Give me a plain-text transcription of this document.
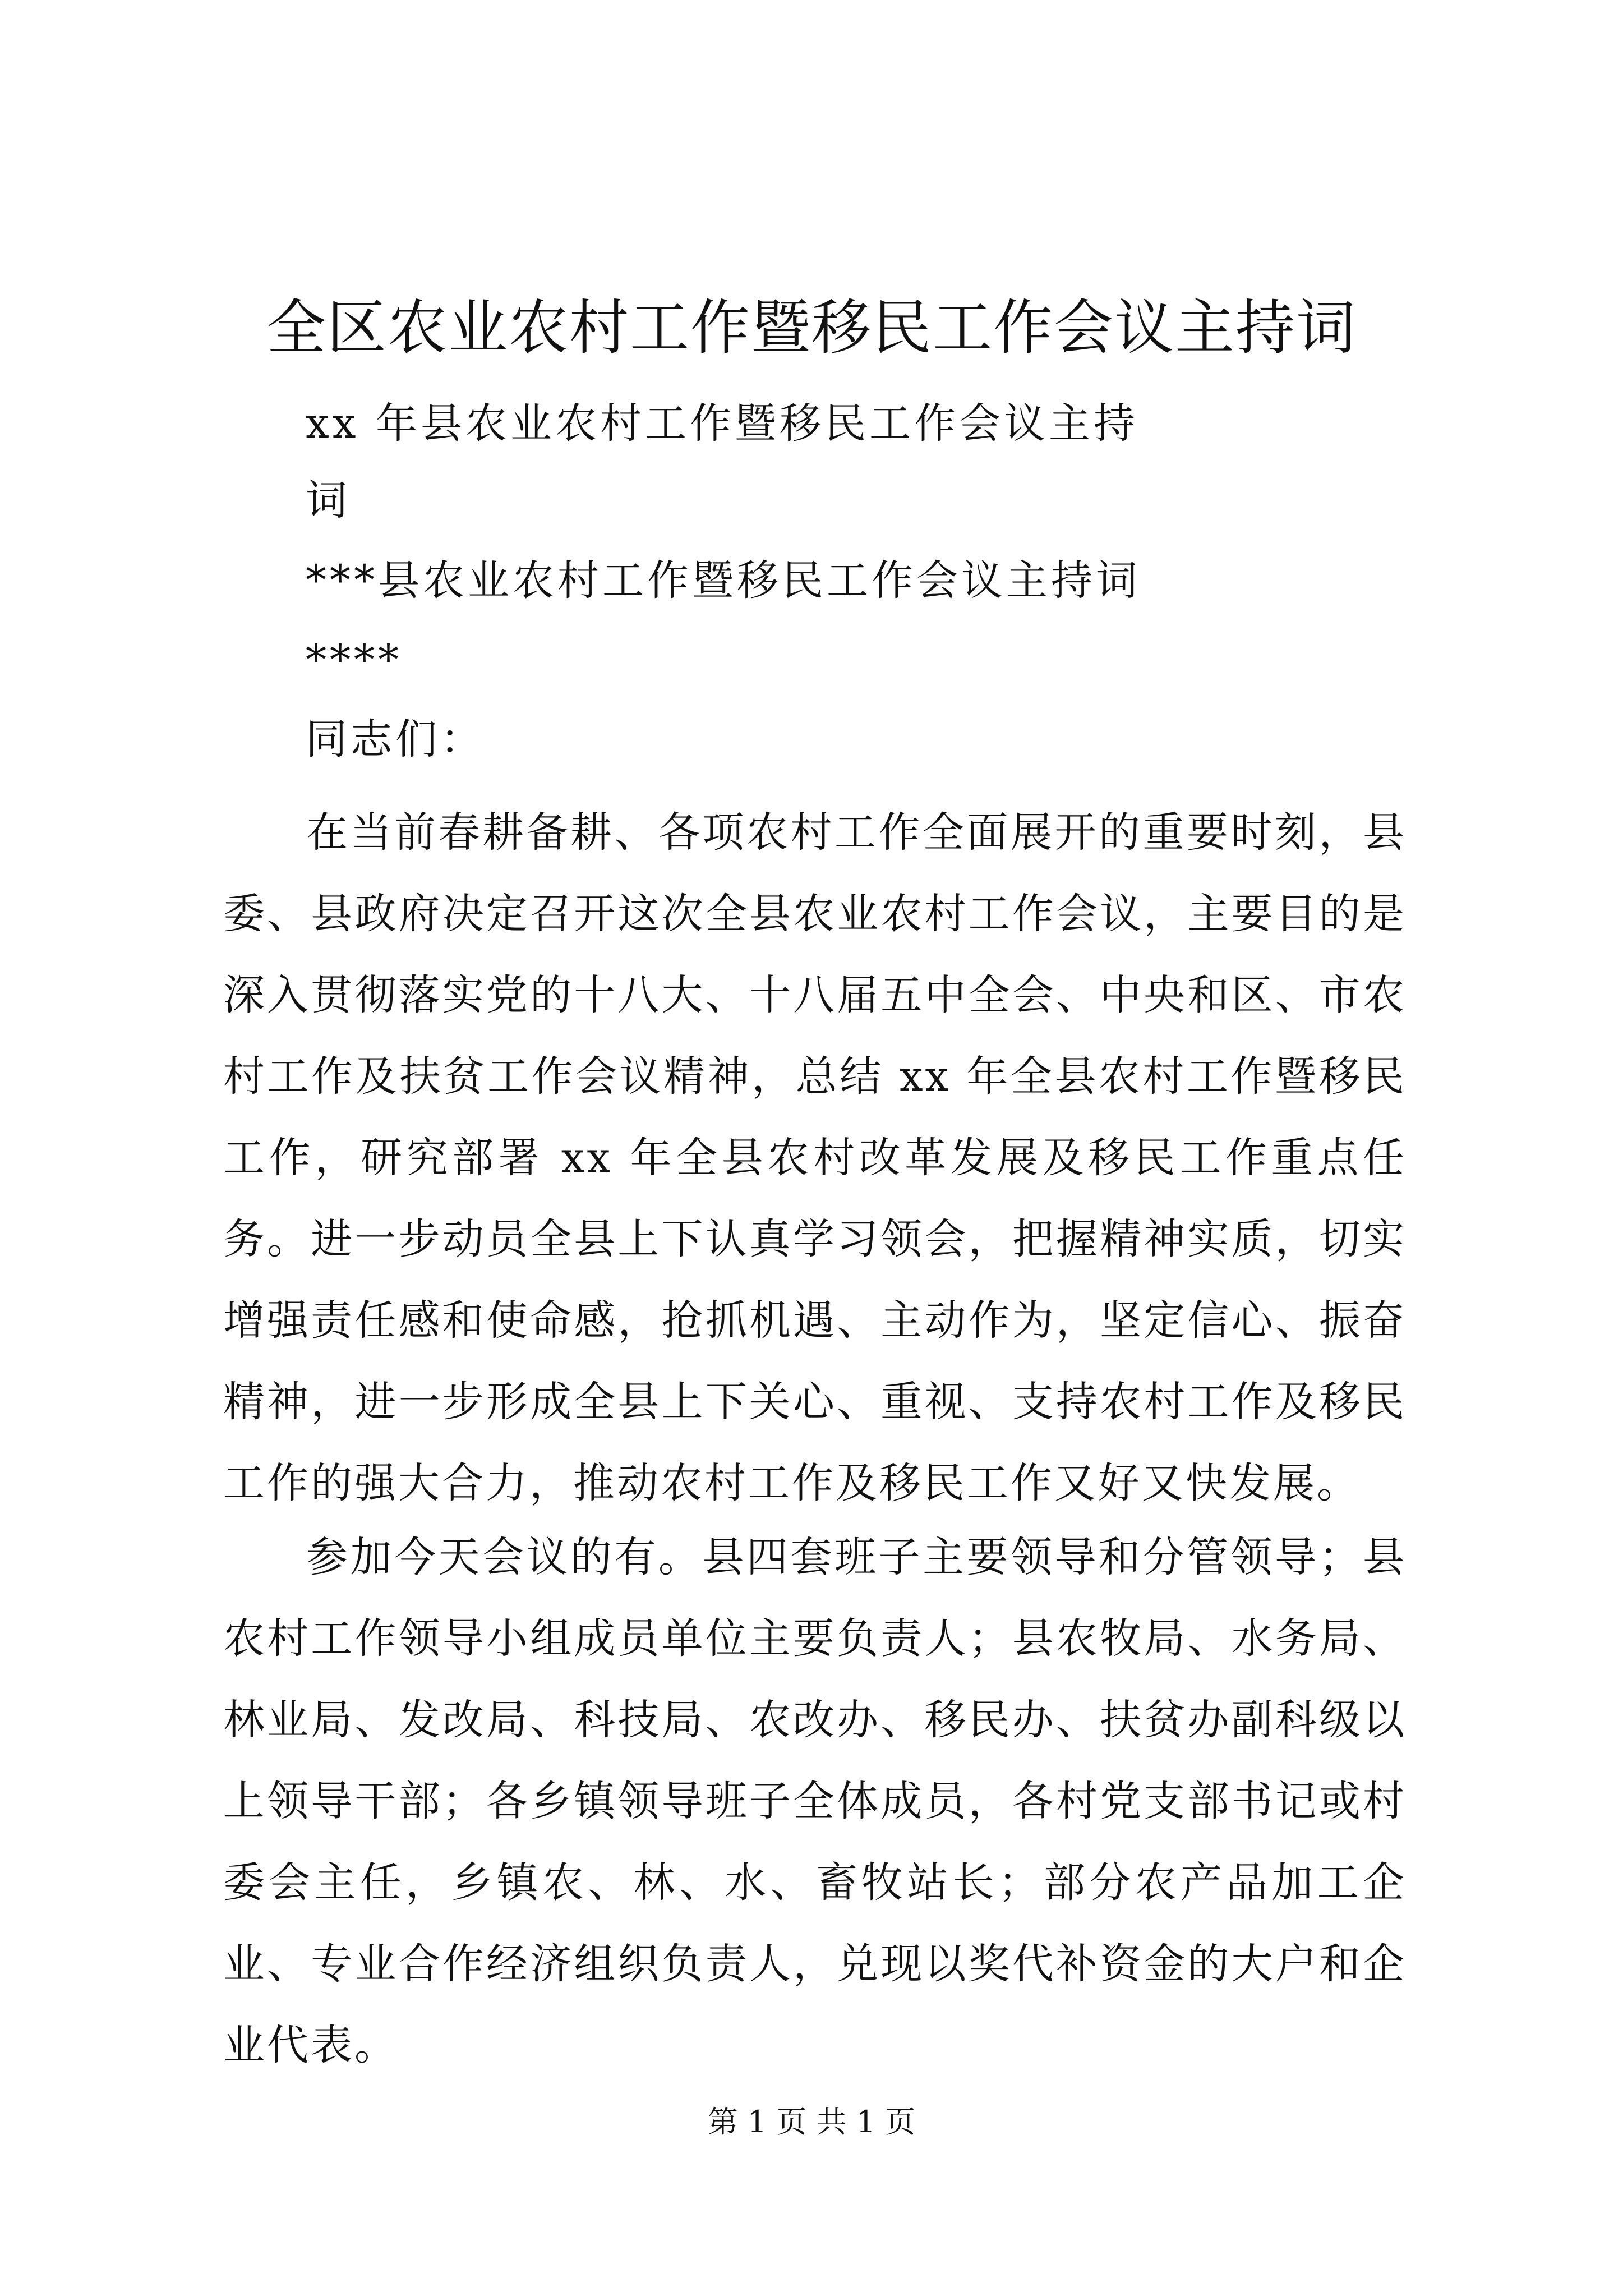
全区农业农村工作暨移民工作会议主持词

xx 年县农业农村工作暨移民工作会议主持

词

***县农业农村工作暨移民工作会议主持词

****

同志们：

在当前春耕备耕、各项农村工作全面展开的重要时刻，县委、县政府决定召开这次全县农业农村工作会议，主要目的是深入贯彻落实党的十八大、十八届五中全会、中央和区、市农村工作及扶贫工作会议精神，总结 xx 年全县农村工作暨移民工作，研究部署 xx 年全县农村改革发展及移民工作重点任务。进一步动员全县上下认真学习领会，把握精神实质，切实增强责任感和使命感，抢抓机遇、主动作为，坚定信心、振奋精神，进一步形成全县上下关心、重视、支持农村工作及移民工作的强大合力，推动农村工作及移民工作又好又快发展。

参加今天会议的有。县四套班子主要领导和分管领导；县农村工作领导小组成员单位主要负责人；县农牧局、水务局、林业局、发改局、科技局、农改办、移民办、扶贫办副科级以上领导干部；各乡镇领导班子全体成员，各村党支部书记或村委会主任，乡镇农、林、水、畜牧站长；部分农产品加工企业、专业合作经济组织负责人，兑现以奖代补资金的大户和企业代表。

第 1 页 共 1 页
